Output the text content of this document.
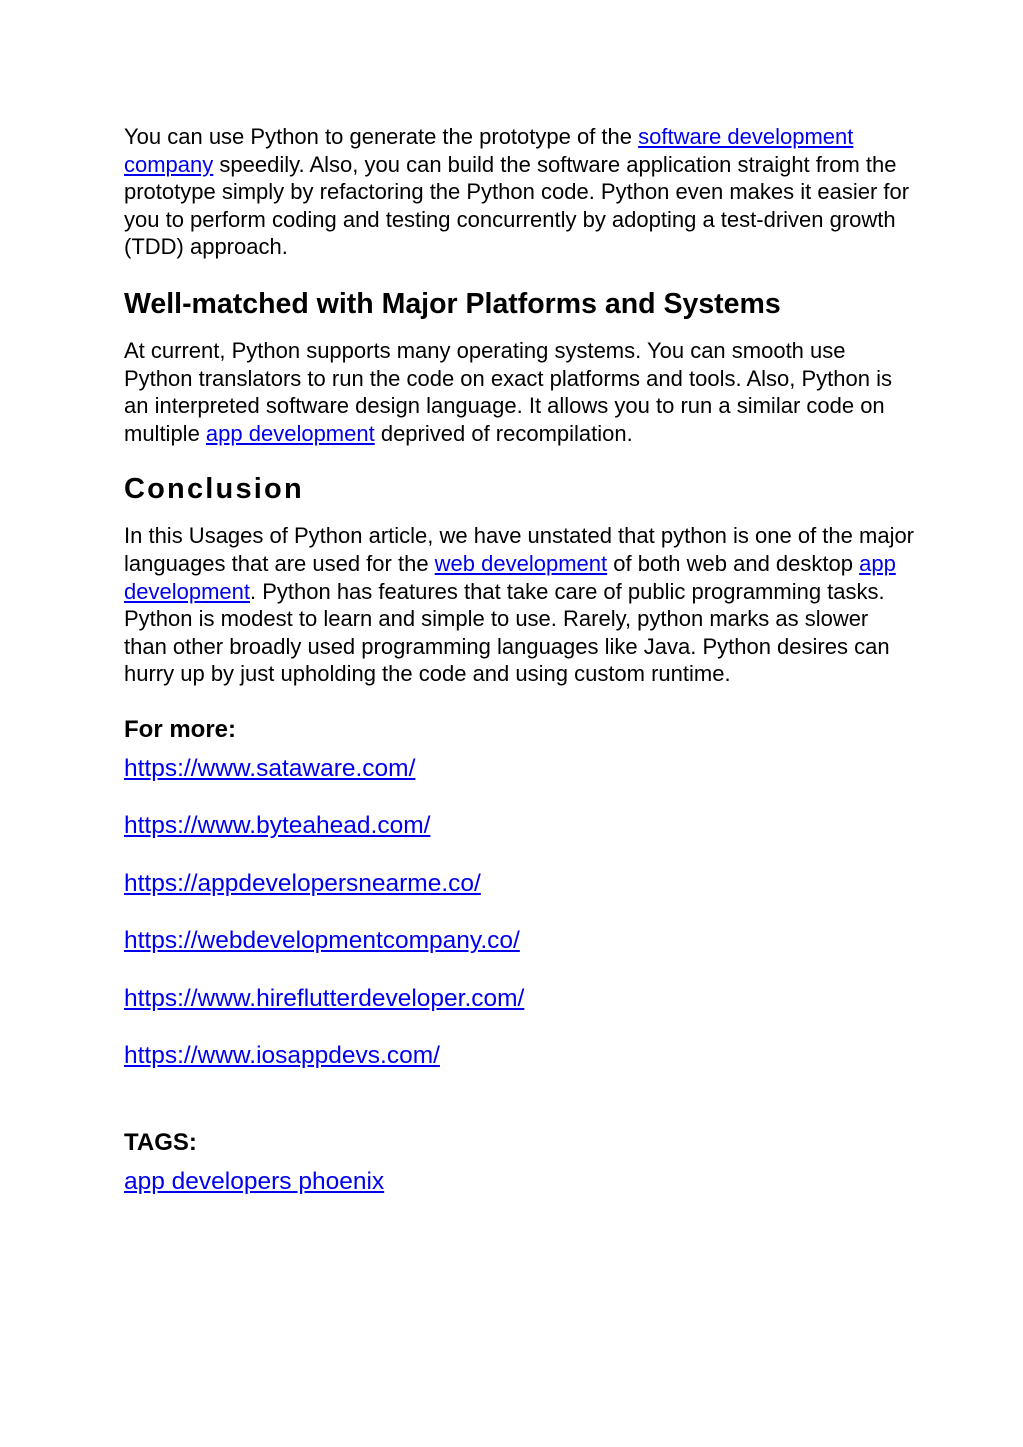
You can use Python to generate the prototype of the software development company speedily. Also, you can build the software application straight from the prototype simply by refactoring the Python code. Python even makes it easier for you to perform coding and testing concurrently by adopting a test-driven growth (TDD) approach.

Well-matched with Major Platforms and Systems

At current, Python supports many operating systems. You can smooth use Python translators to run the code on exact platforms and tools. Also, Python is an interpreted software design language. It allows you to run a similar code on multiple app development deprived of recompilation.

Conclusion

In this Usages of Python article, we have unstated that python is one of the major languages that are used for the web development of both web and desktop app development. Python has features that take care of public programming tasks. Python is modest to learn and simple to use. Rarely, python marks as slower than other broadly used programming languages like Java. Python desires can hurry up by just upholding the code and using custom runtime.

For more:
https://www.sataware.com/
https://www.byteahead.com/
https://appdevelopersnearme.co/
https://webdevelopmentcompany.co/
https://www.hireflutterdeveloper.com/
https://www.iosappdevs.com/
TAGS:
app developers phoenix
